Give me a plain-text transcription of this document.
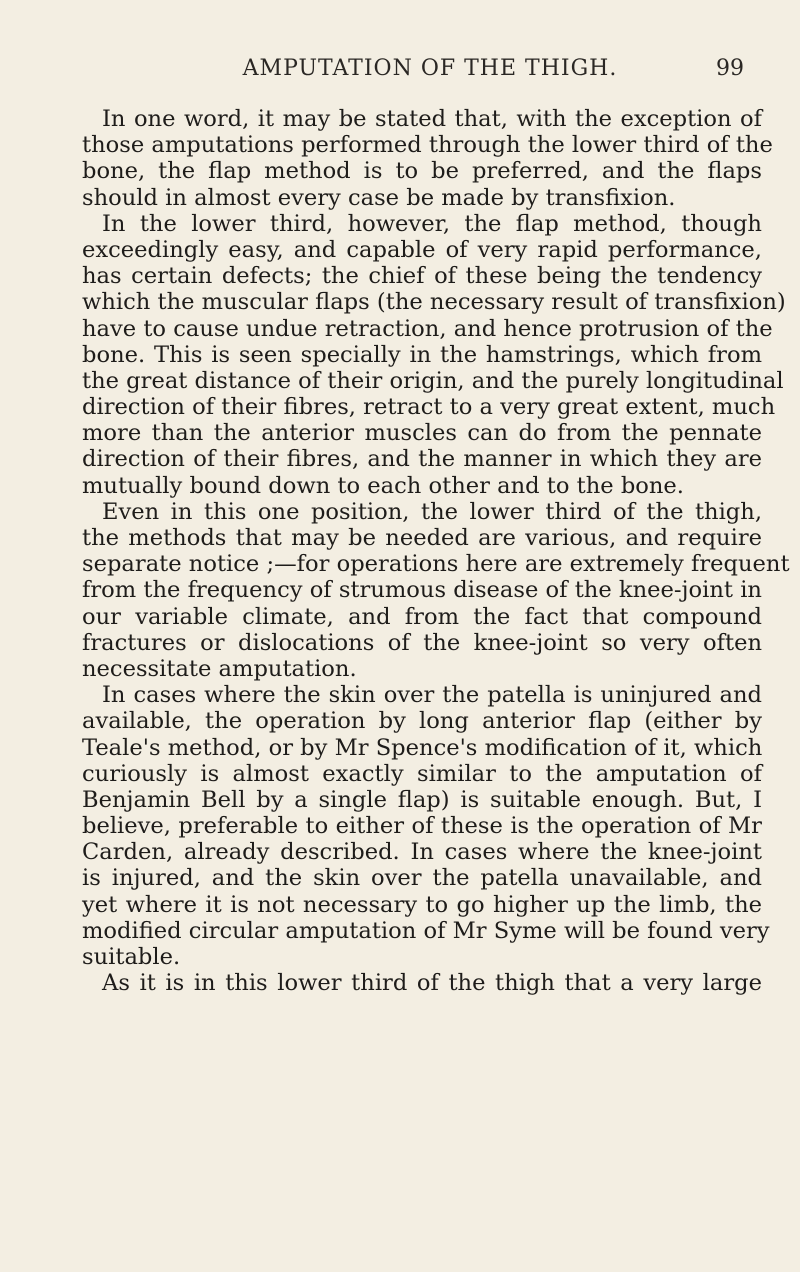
AMPUTATION OF THE THIGH.	99
In one word, it may be stated that, with the exception of
those amputations performed through the lower third of the
bone, the flap method is to be preferred, and the flaps
should in almost every case be made by transfixion.
In the lower third, however, the flap method, though
exceedingly easy, and capable of very rapid performance,
has certain defects; the chief of these being the tendency
which the muscular flaps (the necessary result of transfixion)
have to cause undue retraction, and hence protrusion of the
bone. This is seen specially in the hamstrings, which from
the great distance of their origin, and the purely longitudinal
direction of their fibres, retract to a very great extent, much
more than the anterior muscles can do from the pennate
direction of their fibres, and the manner in which they are
mutually bound down to each other and to the bone.
Even in this one position, the lower third of the thigh,
the methods that may be needed are various, and require
separate notice ;—for operations here are extremely frequent
from the frequency of strumous disease of the knee-joint in
our variable climate, and from the fact that compound
fractures or dislocations of the knee-joint so very often
necessitate amputation.
In cases where the skin over the patella is uninjured and
available, the operation by long anterior flap (either by
Teale's method, or by Mr Spence's modification of it, which
curiously is almost exactly similar to the amputation of
Benjamin Bell by a single flap) is suitable enough. But, I
believe, preferable to either of these is the operation of Mr
Carden, already described. In cases where the knee-joint
is injured, and the skin over the patella unavailable, and
yet where it is not necessary to go higher up the limb, the
modified circular amputation of Mr Syme will be found very
suitable.
As it is in this lower third of the thigh that a very large
